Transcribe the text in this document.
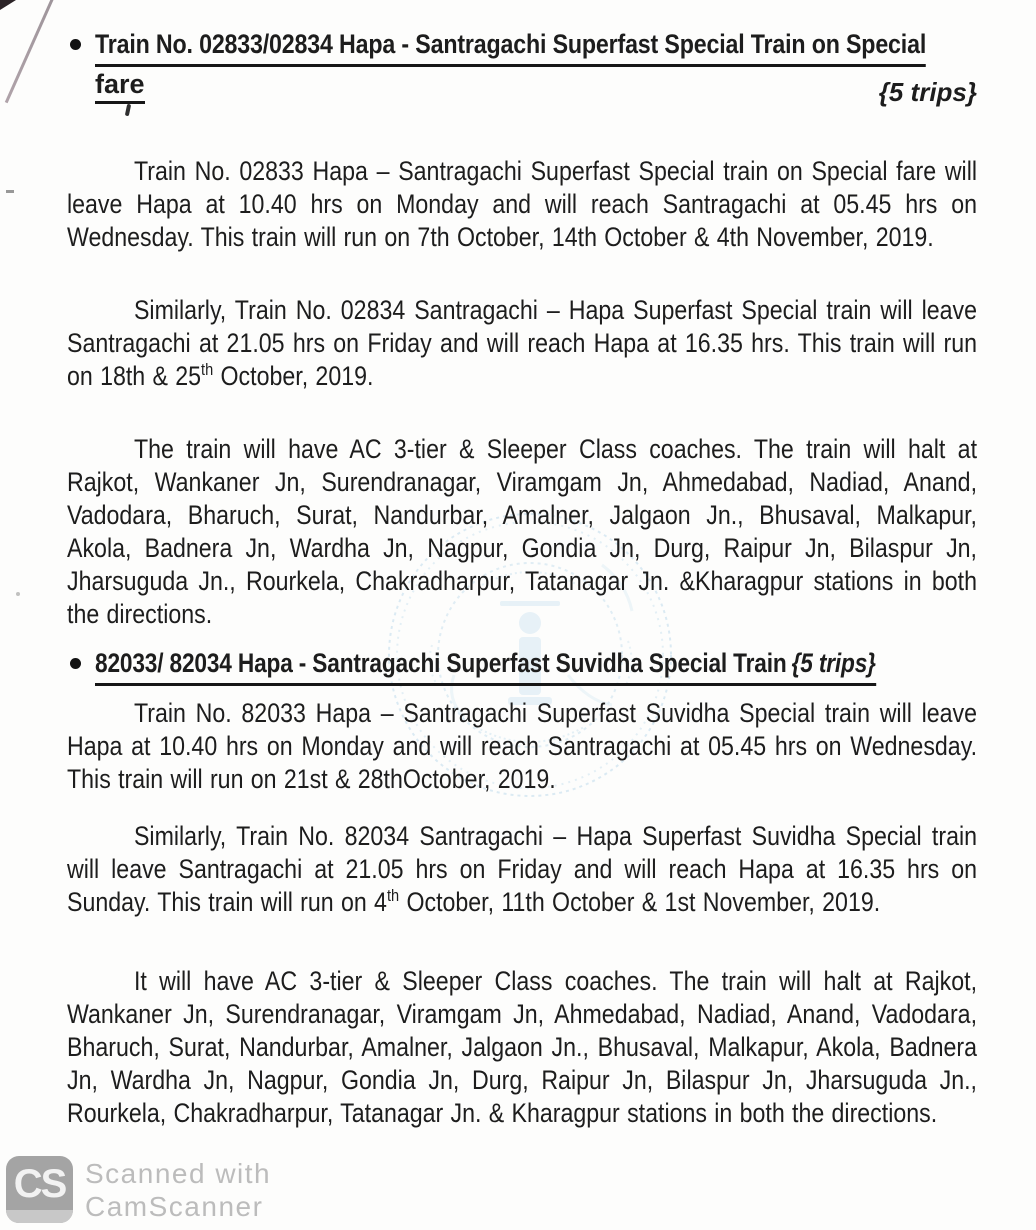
Train No. 02833/02834 Hapa - Santragachi Superfast Special Train on Special
fare	{5 trips}

Train No. 02833 Hapa – Santragachi Superfast Special train on Special fare will leave Hapa at 10.40 hrs on Monday and will reach Santragachi at 05.45 hrs on Wednesday. This train will run on 7th October, 14th October & 4th November, 2019.

Similarly, Train No. 02834 Santragachi – Hapa Superfast Special train will leave Santragachi at 21.05 hrs on Friday and will reach Hapa at 16.35 hrs. This train will run on 18th & 25th October, 2019.

The train will have AC 3-tier & Sleeper Class coaches. The train will halt at Rajkot, Wankaner Jn, Surendranagar, Viramgam Jn, Ahmedabad, Nadiad, Anand, Vadodara, Bharuch, Surat, Nandurbar, Amalner, Jalgaon Jn., Bhusaval, Malkapur, Akola, Badnera Jn, Wardha Jn, Nagpur, Gondia Jn, Durg, Raipur Jn, Bilaspur Jn, Jharsuguda Jn., Rourkela, Chakradharpur, Tatanagar Jn. &Kharagpur stations in both the directions.

82033/ 82034 Hapa - Santragachi Superfast Suvidha Special Train {5 trips}

Train No. 82033 Hapa – Santragachi Superfast Suvidha Special train will leave Hapa at 10.40 hrs on Monday and will reach Santragachi at 05.45 hrs on Wednesday. This train will run on 21st & 28thOctober, 2019.

Similarly, Train No. 82034 Santragachi – Hapa Superfast Suvidha Special train will leave Santragachi at 21.05 hrs on Friday and will reach Hapa at 16.35 hrs on Sunday. This train will run on 4th October, 11th October & 1st November, 2019.

It will have AC 3-tier & Sleeper Class coaches. The train will halt at Rajkot, Wankaner Jn, Surendranagar, Viramgam Jn, Ahmedabad, Nadiad, Anand, Vadodara, Bharuch, Surat, Nandurbar, Amalner, Jalgaon Jn., Bhusaval, Malkapur, Akola, Badnera Jn, Wardha Jn, Nagpur, Gondia Jn, Durg, Raipur Jn, Bilaspur Jn, Jharsuguda Jn., Rourkela, Chakradharpur, Tatanagar Jn. & Kharagpur stations in both the directions.

CS Scanned with
CamScanner
